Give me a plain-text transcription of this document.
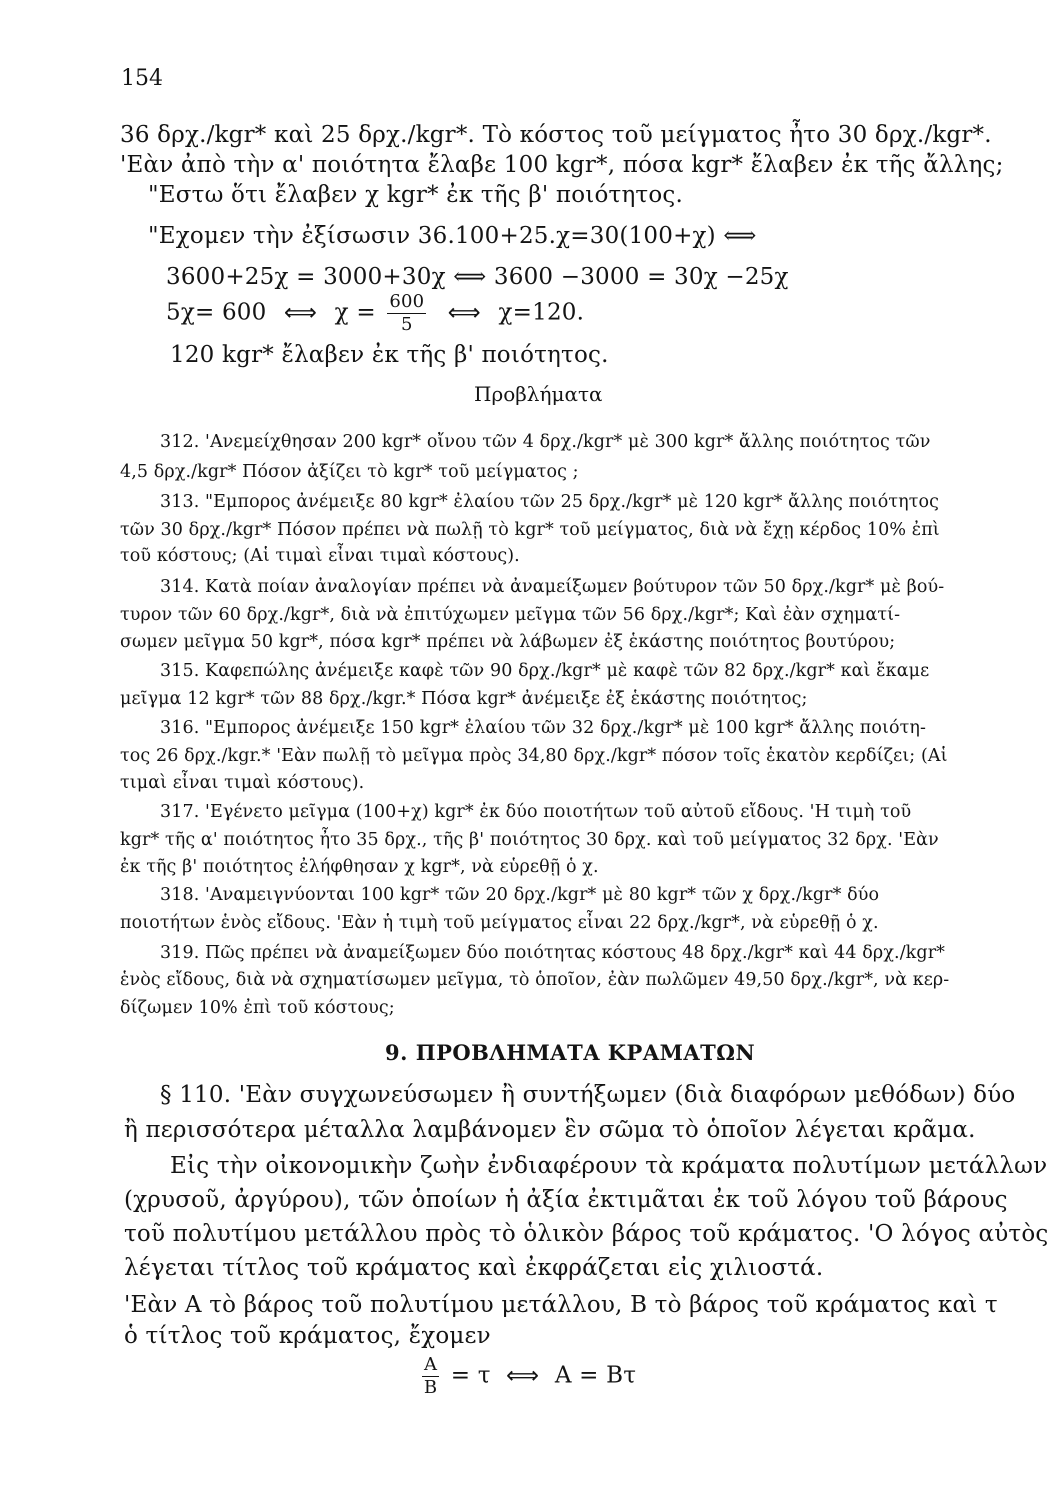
154
36 δρχ./kgr* καὶ 25 δρχ./kgr*. Τὸ κόστος τοῦ μείγματος ἦτο 30 δρχ./kgr*.
'Εὰν ἀπὸ τὴν α' ποιότητα ἔλαβε 100 kgr*, πόσα kgr* ἔλαβεν ἐκ τῆς ἄλλης;
"Εστω ὅτι ἔλαβεν χ kgr* ἐκ τῆς β' ποιότητος.
"Εχομεν τὴν ἐξίσωσιν 36.100+25.χ=30(100+χ) ⟺
3600+25χ = 3000+30χ ⟺ 3600 −3000 = 30χ −25χ
5χ= 600 ⟺ $\chi = \frac{600}{5}$ ⟺ χ=120.
120 kgr* ἔλαβεν ἐκ τῆς β' ποιότητος.
Προβλήματα
312. 'Ανεμείχθησαν 200 kgr* οἴνου τῶν 4 δρχ./kgr* μὲ 300 kgr* ἄλλης ποιότητος τῶν
4,5 δρχ./kgr* Πόσον ἀξίζει τὸ kgr* τοῦ μείγματος ;
313. "Εμπορος ἀνέμειξε 80 kgr* ἐλαίου τῶν 25 δρχ./kgr* μὲ 120 kgr* ἄλλης ποιότητος
τῶν 30 δρχ./kgr* Πόσον πρέπει νὰ πωλῇ τὸ kgr* τοῦ μείγματος, διὰ νὰ ἔχῃ κέρδος 10% ἐπὶ
τοῦ κόστους; (Αἱ τιμαὶ εἶναι τιμαὶ κόστους).
314. Κατὰ ποίαν ἀναλογίαν πρέπει νὰ ἀναμείξωμεν βούτυρον τῶν 50 δρχ./kgr* μὲ βού-
τυρον τῶν 60 δρχ./kgr*, διὰ νὰ ἐπιτύχωμεν μεῖγμα τῶν 56 δρχ./kgr*; Καὶ ἐὰν σχηματί-
σωμεν μεῖγμα 50 kgr*, πόσα kgr* πρέπει νὰ λάβωμεν ἐξ ἑκάστης ποιότητος βουτύρου;
315. Καφεπώλης ἀνέμειξε καφὲ τῶν 90 δρχ./kgr* μὲ καφὲ τῶν 82 δρχ./kgr* καὶ ἔκαμε
μεῖγμα 12 kgr* τῶν 88 δρχ./kgr.* Πόσα kgr* ἀνέμειξε ἐξ ἑκάστης ποιότητος;
316. "Εμπορος ἀνέμειξε 150 kgr* ἐλαίου τῶν 32 δρχ./kgr* μὲ 100 kgr* ἄλλης ποιότη-
τος 26 δρχ./kgr.* 'Εὰν πωλῇ τὸ μεῖγμα πρὸς 34,80 δρχ./kgr* πόσον τοῖς ἑκατὸν κερδίζει; (Αἱ
τιμαὶ εἶναι τιμαὶ κόστους).
317. 'Εγένετο μεῖγμα (100+χ) kgr* ἐκ δύο ποιοτήτων τοῦ αὐτοῦ εἴδους. 'Η τιμὴ τοῦ
kgr* τῆς α' ποιότητος ἦτο 35 δρχ., τῆς β' ποιότητος 30 δρχ. καὶ τοῦ μείγματος 32 δρχ. 'Εὰν
ἐκ τῆς β' ποιότητος ἐλήφθησαν χ kgr*, νὰ εὑρεθῇ ὁ χ.
318. 'Αναμειγνύονται 100 kgr* τῶν 20 δρχ./kgr* μὲ 80 kgr* τῶν χ δρχ./kgr* δύο
ποιοτήτων ἑνὸς εἴδους. 'Εὰν ἡ τιμὴ τοῦ μείγματος εἶναι 22 δρχ./kgr*, νὰ εὑρεθῇ ὁ χ.
319. Πῶς πρέπει νὰ ἀναμείξωμεν δύο ποιότητας κόστους 48 δρχ./kgr* καὶ 44 δρχ./kgr*
ἑνὸς εἴδους, διὰ νὰ σχηματίσωμεν μεῖγμα, τὸ ὁποῖον, ἐὰν πωλῶμεν 49,50 δρχ./kgr*, νὰ κερ-
δίζωμεν 10% ἐπὶ τοῦ κόστους;
9. ΠΡΟΒΛΗΜΑΤΑ ΚΡΑΜΑΤΩΝ
§ 110. 'Εὰν συγχωνεύσωμεν ἢ συντήξωμεν (διὰ διαφόρων μεθόδων) δύο
ἢ περισσότερα μέταλλα λαμβάνομεν ἓν σῶμα τὸ ὁποῖον λέγεται κρᾶμα.
Εἰς τὴν οἰκονομικὴν ζωὴν ἐνδιαφέρουν τὰ κράματα πολυτίμων μετάλλων
(χρυσοῦ, ἀργύρου), τῶν ὁποίων ἡ ἀξία ἐκτιμᾶται ἐκ τοῦ λόγου τοῦ βάρους
τοῦ πολυτίμου μετάλλου πρὸς τὸ ὁλικὸν βάρος τοῦ κράματος. 'Ο λόγος αὐτὸς
λέγεται τίτλος τοῦ κράματος καὶ ἐκφράζεται εἰς χιλιοστά.
'Εὰν Α τὸ βάρος τοῦ πολυτίμου μετάλλου, Β τὸ βάρος τοῦ κράματος καὶ τ
ὁ τίτλος τοῦ κράματος, ἔχομεν
$\frac{A}{B} = \tau$ ⟺ A = Βτ
